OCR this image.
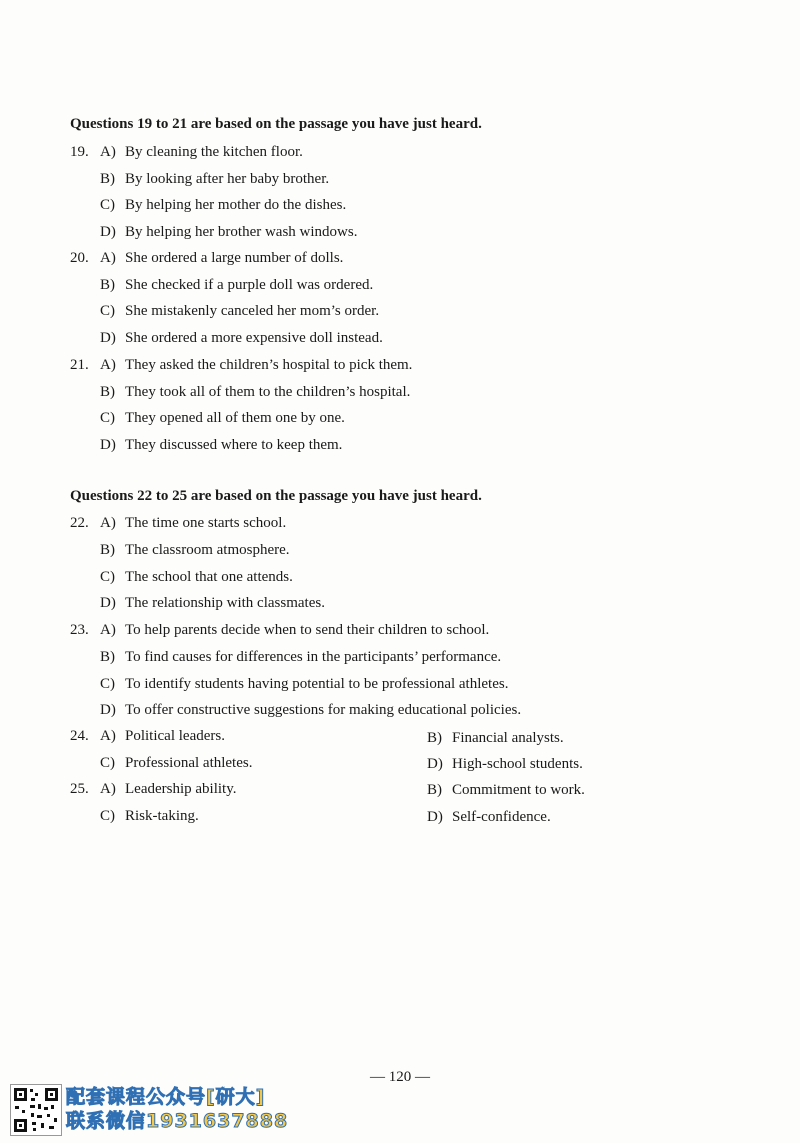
Questions 19 to 21 are based on the passage you have just heard.
19. A) By cleaning the kitchen floor.
B) By looking after her baby brother.
C) By helping her mother do the dishes.
D) By helping her brother wash windows.
20. A) She ordered a large number of dolls.
B) She checked if a purple doll was ordered.
C) She mistakenly canceled her mom’s order.
D) She ordered a more expensive doll instead.
21. A) They asked the children’s hospital to pick them.
B) They took all of them to the children’s hospital.
C) They opened all of them one by one.
D) They discussed where to keep them.
Questions 22 to 25 are based on the passage you have just heard.
22. A) The time one starts school.
B) The classroom atmosphere.
C) The school that one attends.
D) The relationship with classmates.
23. A) To help parents decide when to send their children to school.
B) To find causes for differences in the participants’ performance.
C) To identify students having potential to be professional athletes.
D) To offer constructive suggestions for making educational policies.
24. A) Political leaders.	B) Financial analysts.
C) Professional athletes.	D) High-school students.
25. A) Leadership ability.	B) Commitment to work.
C) Risk-taking.	D) Self-confidence.
— 120 —
配套课程公众号[研大]
联系微信1931637888
